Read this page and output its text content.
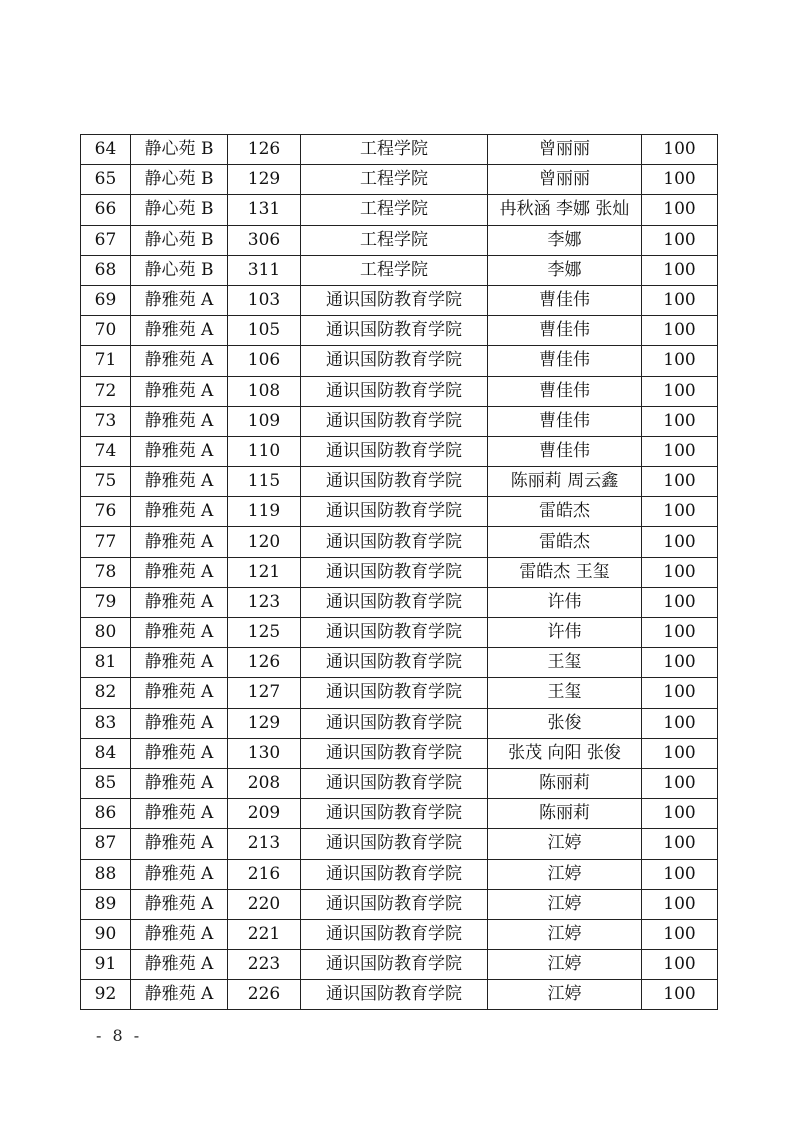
64	静心苑 B	126	工程学院	曾丽丽	100
65	静心苑 B	129	工程学院	曾丽丽	100
66	静心苑 B	131	工程学院	冉秋涵 李娜 张灿	100
67	静心苑 B	306	工程学院	李娜	100
68	静心苑 B	311	工程学院	李娜	100
69	静雅苑 A	103	通识国防教育学院	曹佳伟	100
70	静雅苑 A	105	通识国防教育学院	曹佳伟	100
71	静雅苑 A	106	通识国防教育学院	曹佳伟	100
72	静雅苑 A	108	通识国防教育学院	曹佳伟	100
73	静雅苑 A	109	通识国防教育学院	曹佳伟	100
74	静雅苑 A	110	通识国防教育学院	曹佳伟	100
75	静雅苑 A	115	通识国防教育学院	陈丽莉 周云鑫	100
76	静雅苑 A	119	通识国防教育学院	雷皓杰	100
77	静雅苑 A	120	通识国防教育学院	雷皓杰	100
78	静雅苑 A	121	通识国防教育学院	雷皓杰 王玺	100
79	静雅苑 A	123	通识国防教育学院	许伟	100
80	静雅苑 A	125	通识国防教育学院	许伟	100
81	静雅苑 A	126	通识国防教育学院	王玺	100
82	静雅苑 A	127	通识国防教育学院	王玺	100
83	静雅苑 A	129	通识国防教育学院	张俊	100
84	静雅苑 A	130	通识国防教育学院	张茂 向阳 张俊	100
85	静雅苑 A	208	通识国防教育学院	陈丽莉	100
86	静雅苑 A	209	通识国防教育学院	陈丽莉	100
87	静雅苑 A	213	通识国防教育学院	江婷	100
88	静雅苑 A	216	通识国防教育学院	江婷	100
89	静雅苑 A	220	通识国防教育学院	江婷	100
90	静雅苑 A	221	通识国防教育学院	江婷	100
91	静雅苑 A	223	通识国防教育学院	江婷	100
92	静雅苑 A	226	通识国防教育学院	江婷	100
- 8 -
